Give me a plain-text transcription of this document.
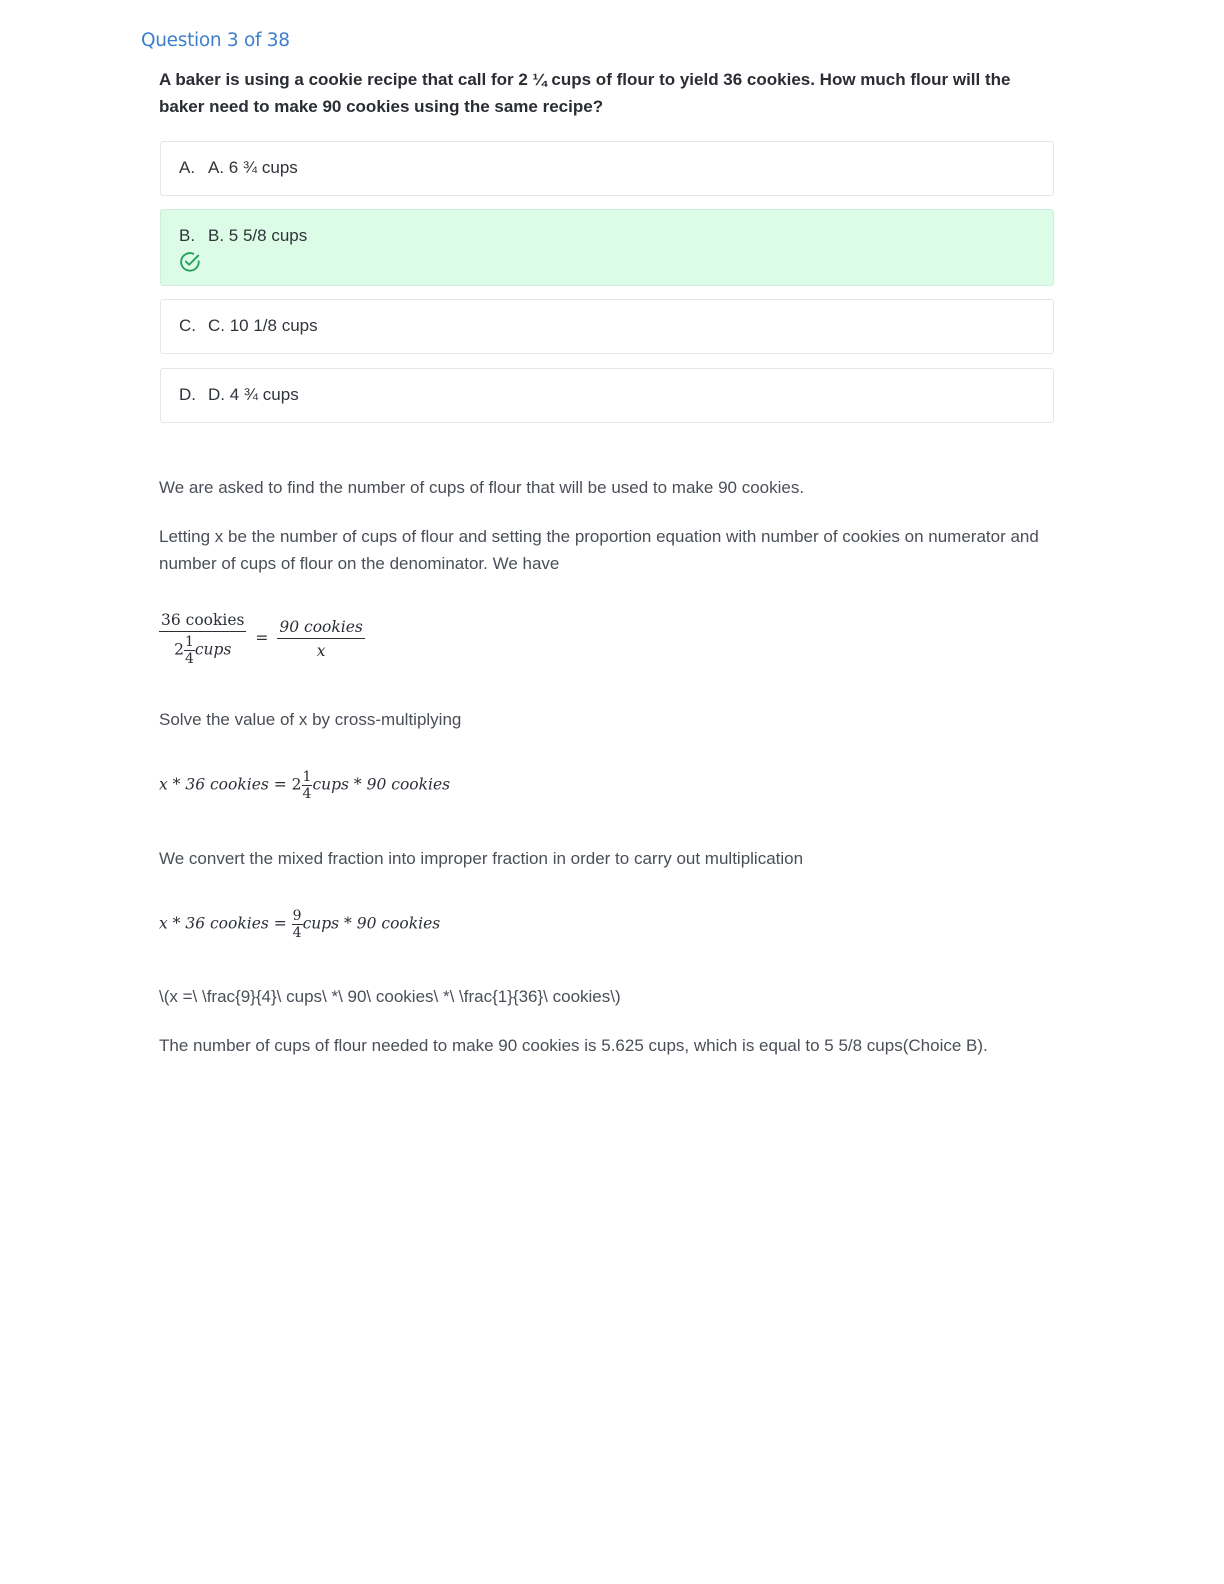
Question 3 of 38
A baker is using a cookie recipe that call for 2 ¼ cups of flour to yield 36 cookies. How much flour will the baker need to make 90 cookies using the same recipe?
A. A. 6 ¾ cups
B. B. 5 5/8 cups
C. C. 10 1/8 cups
D. D. 4 ¾ cups
We are asked to find the number of cups of flour that will be used to make 90 cookies.
Letting x be the number of cups of flour and setting the proportion equation with number of cookies on numerator and number of cups of flour on the denominator. We have
$\frac{\text{36 cookies}}{2 \frac{1}{4} cups} = \frac{\text{90 cookies}}{x}$
Solve the value of x by cross-multiplying
x * 36 cookies = $2 \frac{1}{4}$ cups * 90 cookies
We convert the mixed fraction into improper fraction in order to carry out multiplication
x * 36 cookies = $\frac{9}{4}$ cups * 90 cookies
\(x =\ \frac{9}{4}\ cups\ *\ 90\ cookies\ *\ \frac{1}{36}\ cookies\)
The number of cups of flour needed to make 90 cookies is 5.625 cups, which is equal to 5 5/8 cups(Choice B).
